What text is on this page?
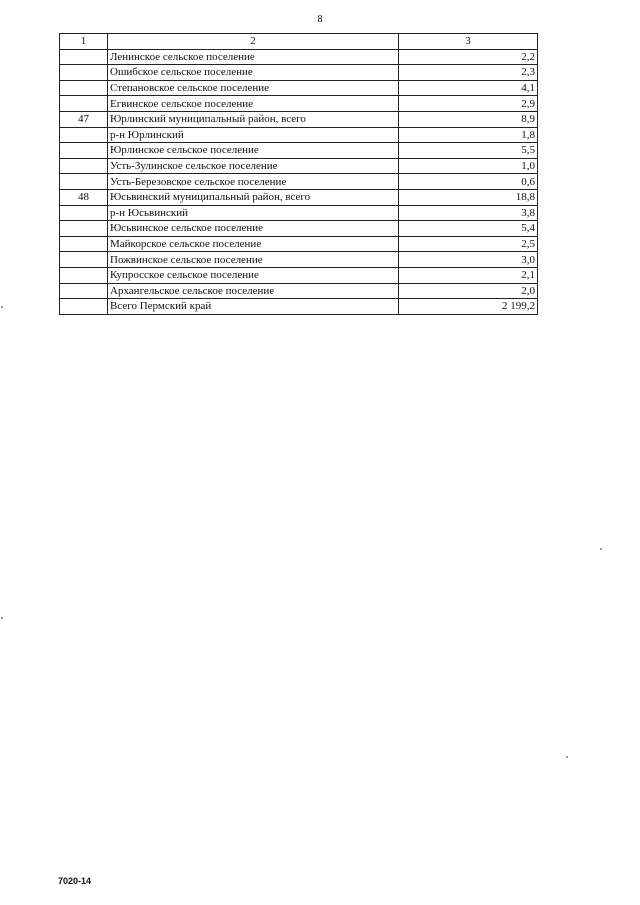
8
1	2	3
	Ленинское сельское поселение	2,2
	Ошибское сельское поселение	2,3
	Степановское сельское поселение	4,1
	Егвинское сельское поселение	2,9
47	Юрлинский муниципальный район, всего	8,9
	р-н Юрлинский	1,8
	Юрлинское сельское поселение	5,5
	Усть-Зулинское сельское поселение	1,0
	Усть-Березовское сельское поселение	0,6
48	Юсьвинский муниципальный район, всего	18,8
	р-н Юсьвинский	3,8
	Юсьвинское сельское поселение	5,4
	Майкорское сельское поселение	2,5
	Пожвинское сельское поселение	3,0
	Купросское сельское поселение	2,1
	Архангельское сельское поселение	2,0
	Всего Пермский край	2 199,2
7020-14
